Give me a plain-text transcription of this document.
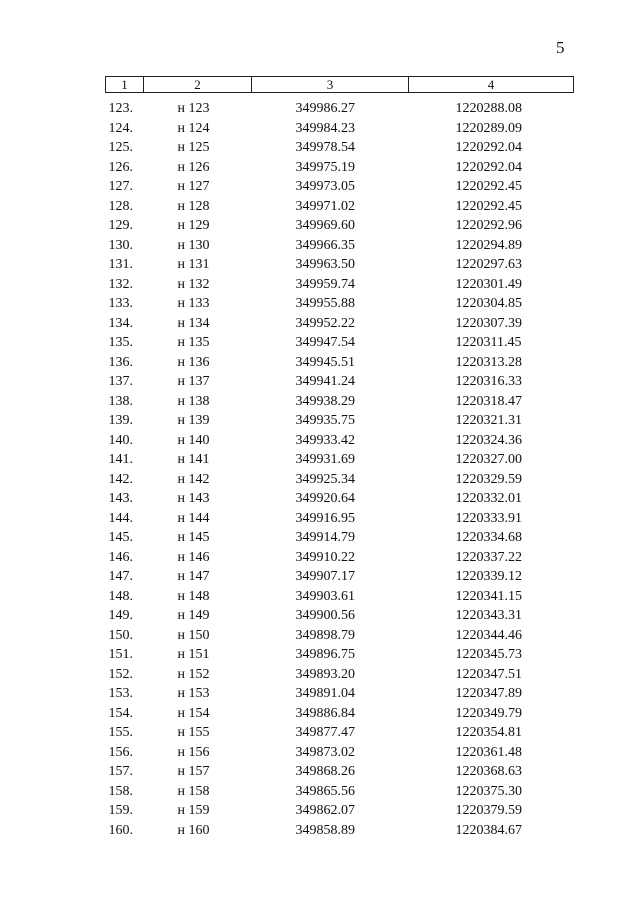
5
1	2	3	4
123.	н 123	349986.27	1220288.08
124.	н 124	349984.23	1220289.09
125.	н 125	349978.54	1220292.04
126.	н 126	349975.19	1220292.04
127.	н 127	349973.05	1220292.45
128.	н 128	349971.02	1220292.45
129.	н 129	349969.60	1220292.96
130.	н 130	349966.35	1220294.89
131.	н 131	349963.50	1220297.63
132.	н 132	349959.74	1220301.49
133.	н 133	349955.88	1220304.85
134.	н 134	349952.22	1220307.39
135.	н 135	349947.54	1220311.45
136.	н 136	349945.51	1220313.28
137.	н 137	349941.24	1220316.33
138.	н 138	349938.29	1220318.47
139.	н 139	349935.75	1220321.31
140.	н 140	349933.42	1220324.36
141.	н 141	349931.69	1220327.00
142.	н 142	349925.34	1220329.59
143.	н 143	349920.64	1220332.01
144.	н 144	349916.95	1220333.91
145.	н 145	349914.79	1220334.68
146.	н 146	349910.22	1220337.22
147.	н 147	349907.17	1220339.12
148.	н 148	349903.61	1220341.15
149.	н 149	349900.56	1220343.31
150.	н 150	349898.79	1220344.46
151.	н 151	349896.75	1220345.73
152.	н 152	349893.20	1220347.51
153.	н 153	349891.04	1220347.89
154.	н 154	349886.84	1220349.79
155.	н 155	349877.47	1220354.81
156.	н 156	349873.02	1220361.48
157.	н 157	349868.26	1220368.63
158.	н 158	349865.56	1220375.30
159.	н 159	349862.07	1220379.59
160.	н 160	349858.89	1220384.67
